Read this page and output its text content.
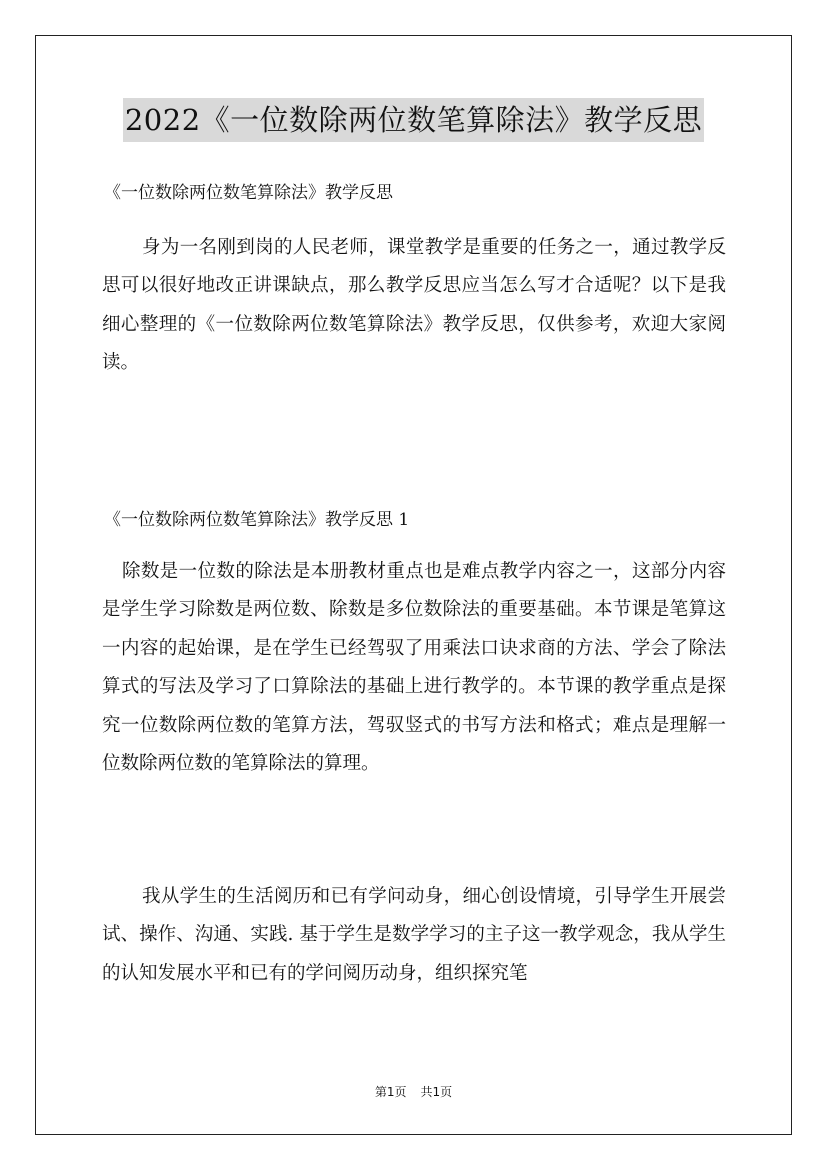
2022《一位数除两位数笔算除法》教学反思
《一位数除两位数笔算除法》教学反思

身为一名刚到岗的人民老师，课堂教学是重要的任务之一，通过教学反思可以很好地改正讲课缺点，那么教学反思应当怎么写才合适呢？以下是我细心整理的《一位数除两位数笔算除法》教学反思，仅供参考，欢迎大家阅读。

《一位数除两位数笔算除法》教学反思 1

除数是一位数的除法是本册教材重点也是难点教学内容之一，这部分内容是学生学习除数是两位数、除数是多位数除法的重要基础。本节课是笔算这一内容的起始课，是在学生已经驾驭了用乘法口诀求商的方法、学会了除法算式的写法及学习了口算除法的基础上进行教学的。本节课的教学重点是探究一位数除两位数的笔算方法，驾驭竖式的书写方法和格式；难点是理解一位数除两位数的笔算除法的算理。

我从学生的生活阅历和已有学问动身，细心创设情境，引导学生开展尝试、操作、沟通、实践. 基于学生是数学学习的主子这一教学观念，我从学生的认知发展水平和已有的学问阅历动身，组织探究笔

第1页 共1页
